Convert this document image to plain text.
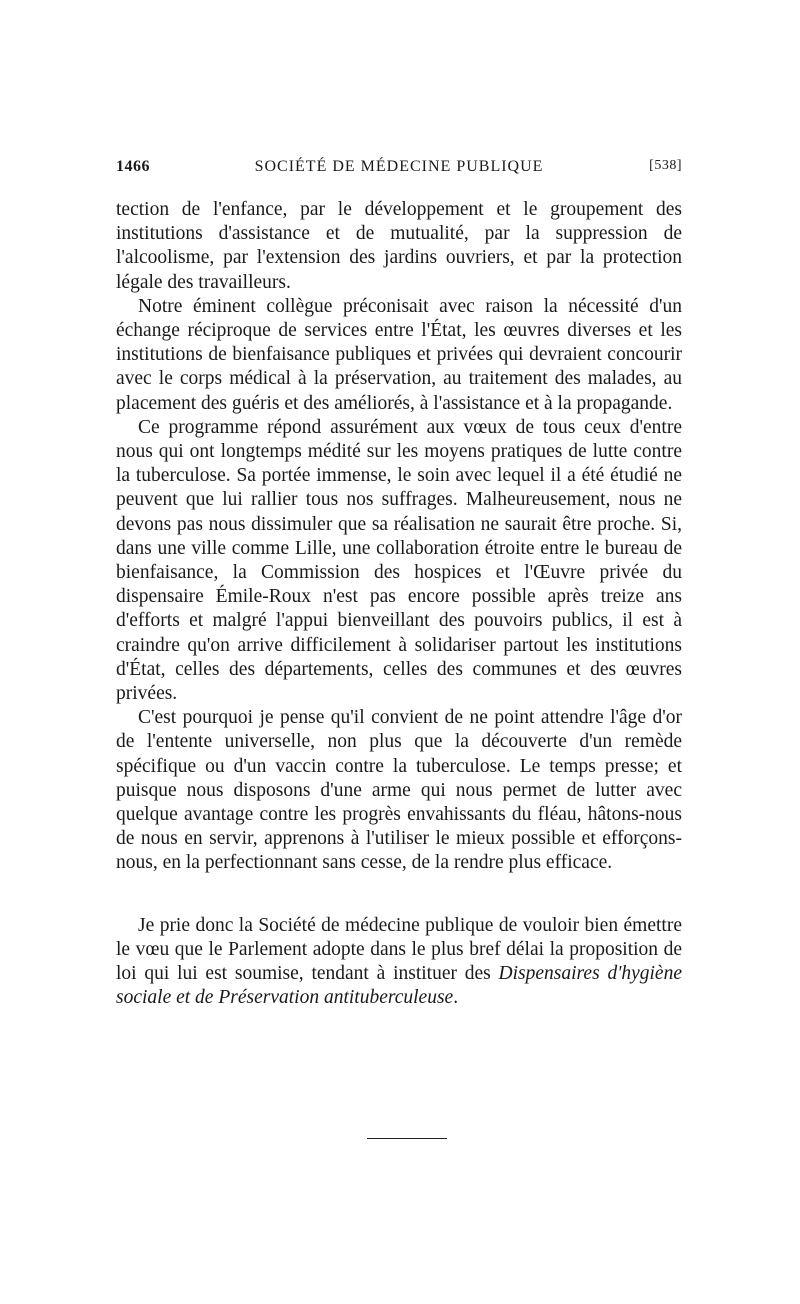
1466	SOCIÉTÉ DE MÉDECINE PUBLIQUE	[538]

tection de l'enfance, par le développement et le groupement des institutions d'assistance et de mutualité, par la suppression de l'alcoolisme, par l'extension des jardins ouvriers, et par la protection légale des travailleurs.

Notre éminent collègue préconisait avec raison la nécessité d'un échange réciproque de services entre l'État, les œuvres diverses et les institutions de bienfaisance publiques et privées qui devraient concourir avec le corps médical à la préservation, au traitement des malades, au placement des guéris et des améliorés, à l'assistance et à la propagande.

Ce programme répond assurément aux vœux de tous ceux d'entre nous qui ont longtemps médité sur les moyens pratiques de lutte contre la tuberculose. Sa portée immense, le soin avec lequel il a été étudié ne peuvent que lui rallier tous nos suffrages. Malheureusement, nous ne devons pas nous dissimuler que sa réalisation ne saurait être proche. Si, dans une ville comme Lille, une collaboration étroite entre le bureau de bienfaisance, la Commission des hospices et l'Œuvre privée du dispensaire Émile-Roux n'est pas encore possible après treize ans d'efforts et malgré l'appui bienveillant des pouvoirs publics, il est à craindre qu'on arrive difficilement à solidariser partout les institutions d'État, celles des départements, celles des communes et des œuvres privées.

C'est pourquoi je pense qu'il convient de ne point attendre l'âge d'or de l'entente universelle, non plus que la découverte d'un remède spécifique ou d'un vaccin contre la tuberculose. Le temps presse; et puisque nous disposons d'une arme qui nous permet de lutter avec quelque avantage contre les progrès envahissants du fléau, hâtons-nous de nous en servir, apprenons à l'utiliser le mieux possible et efforçons-nous, en la perfectionnant sans cesse, de la rendre plus efficace.

Je prie donc la Société de médecine publique de vouloir bien émettre le vœu que le Parlement adopte dans le plus bref délai la proposition de loi qui lui est soumise, tendant à instituer des Dispensaires d'hygiène sociale et de Préservation antituberculeuse.
